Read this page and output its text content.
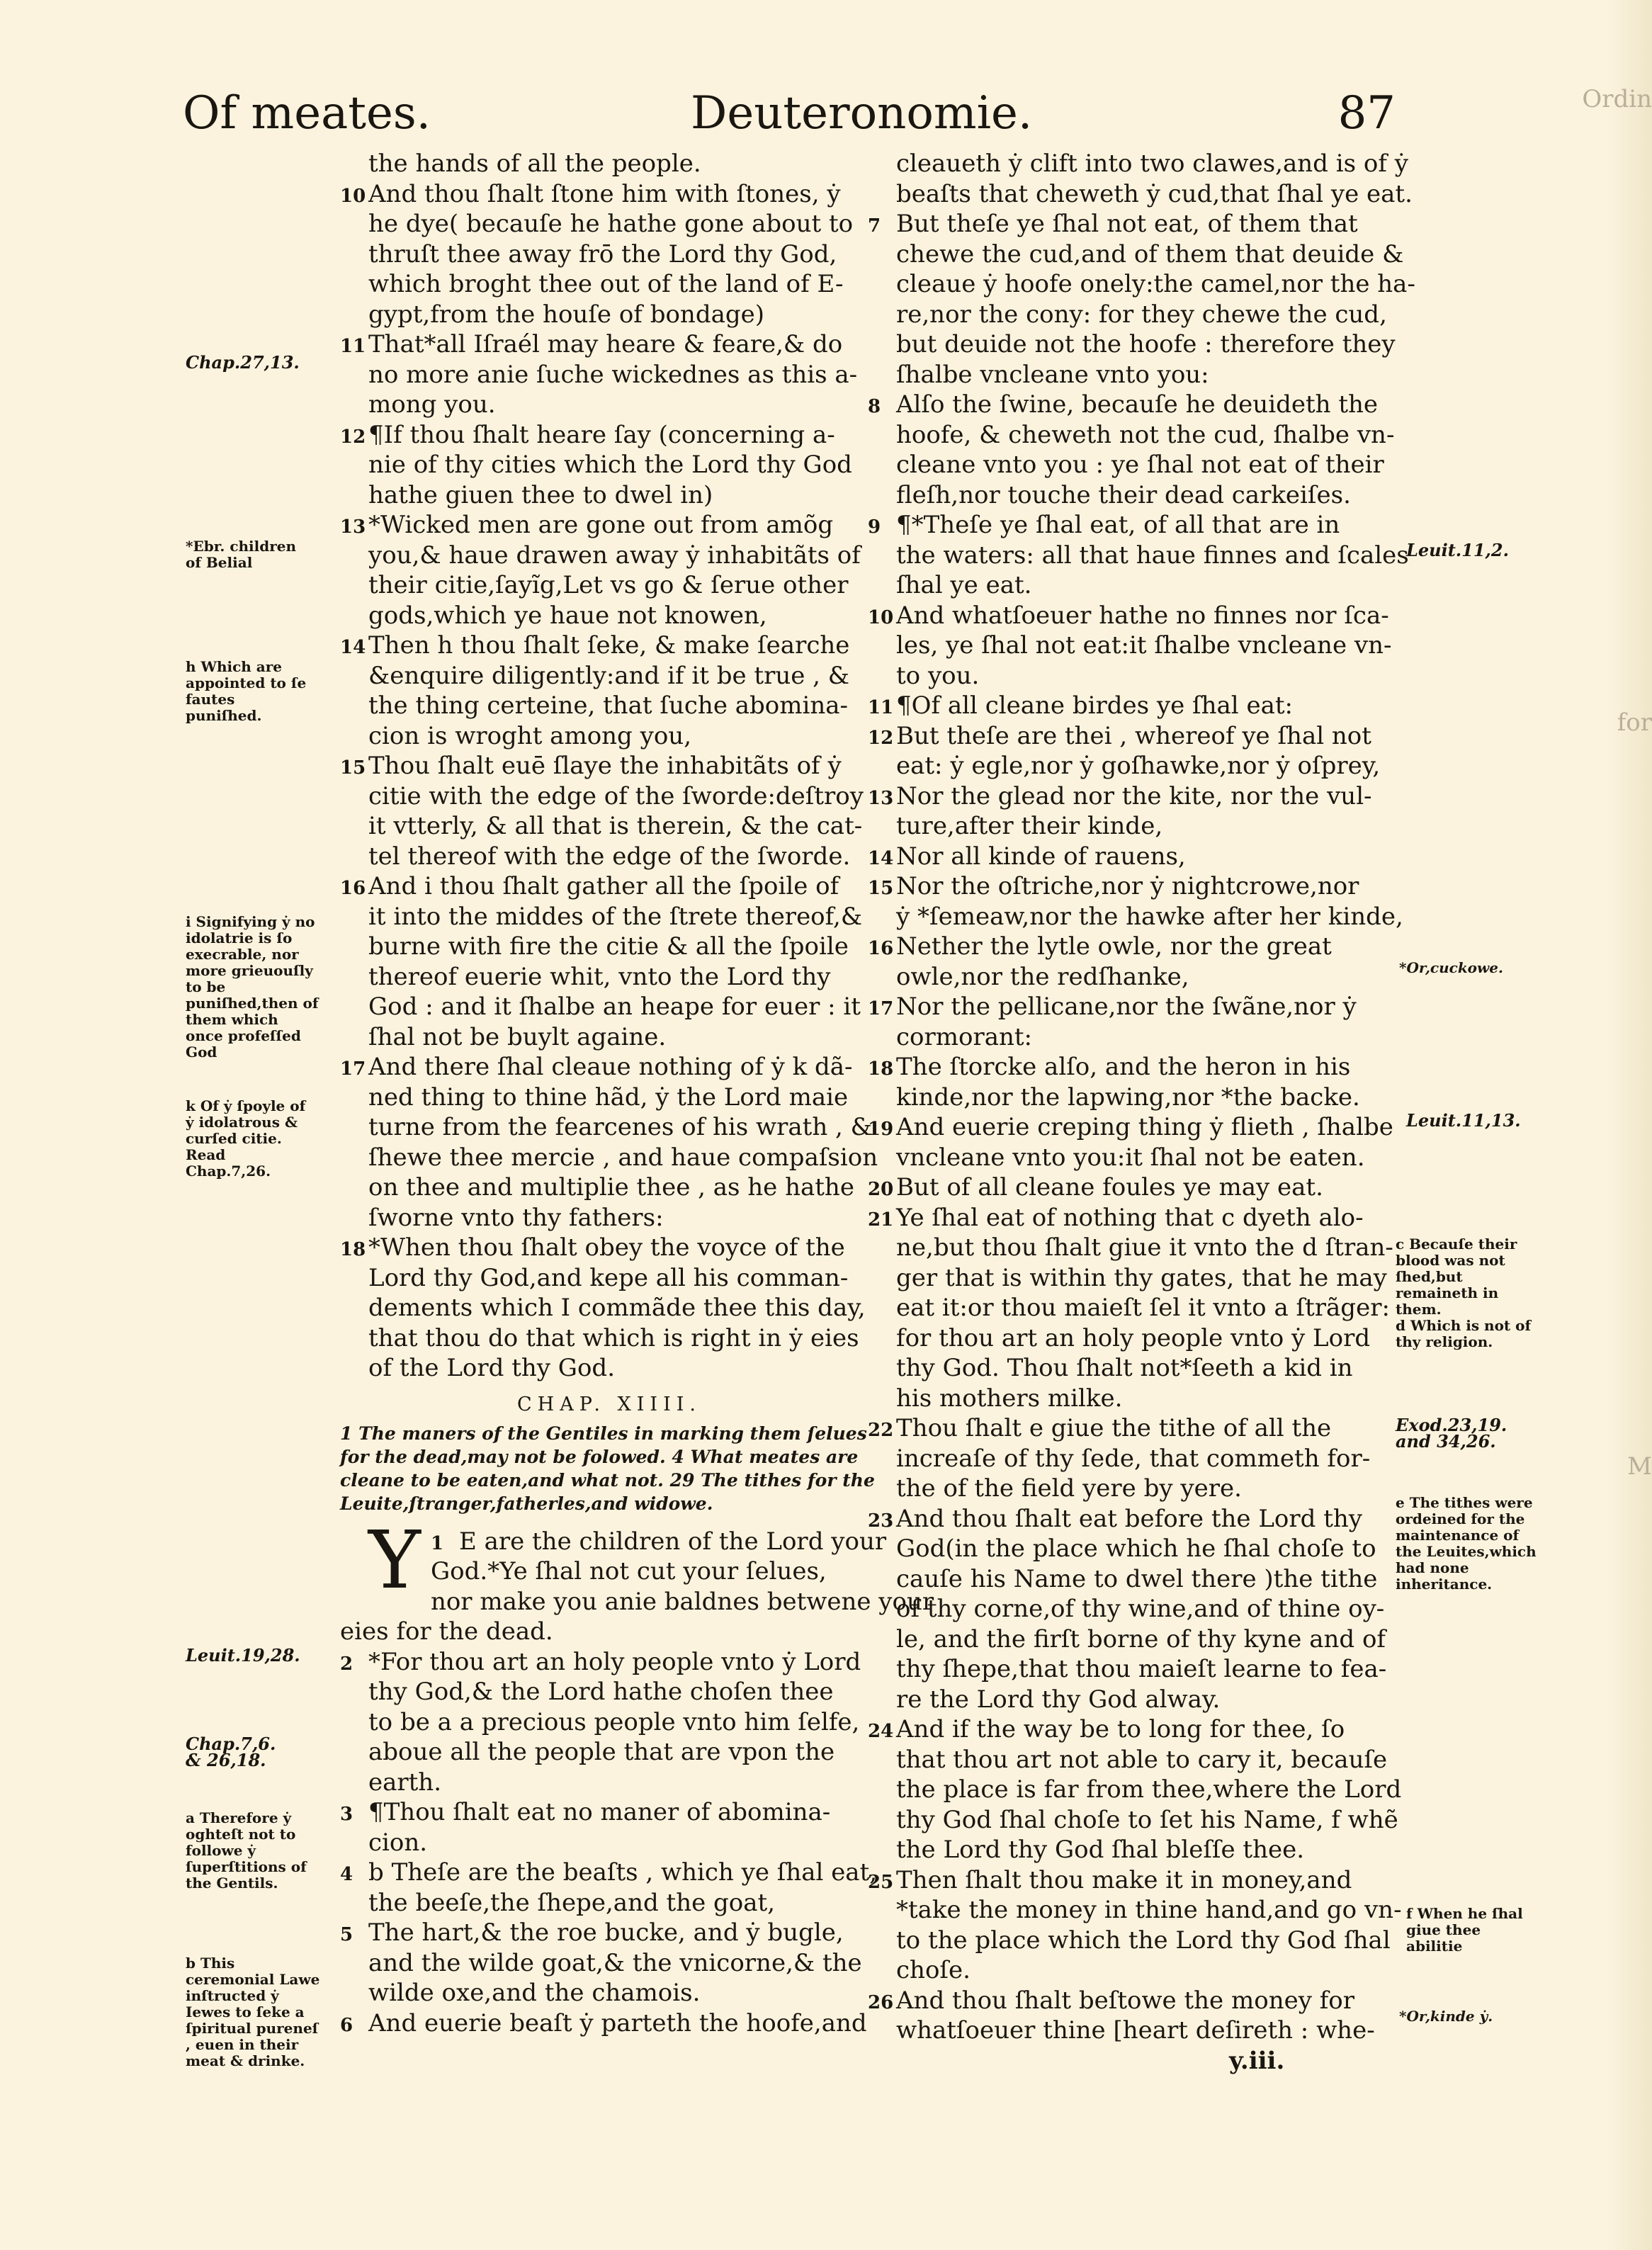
Ordin
for
M
Of meates.	Deuteronomie.	87
the hands of all the people.
10 And thou ſhalt ſtone him with ſtones, ẏ
he dye( becauſe he hathe gone about to
thruſt thee away frō the Lord thy God,
which broght thee out of the land of E-
gypt,from the houſe of bondage)
11 That*all Iſraél may heare & feare,& do
no more anie ſuche wickednes as this a-
mong you.
12 ¶If thou ſhalt heare ſay (concerning a-
nie of thy cities which the Lord thy God
hathe giuen thee to dwel in)
13 *Wicked men are gone out from amõg
you,& haue drawen away ẏ inhabitãts of
their citie,ſayĩg,Let vs go & ſerue other
gods,which ye haue not knowen,
14 Then h thou ſhalt ſeke, & make ſearche
&enquire diligently:and if it be true , &
the thing certeine, that ſuche abomina-
cion is wroght among you,
15 Thou ſhalt euē ſlaye the inhabitãts of ẏ
citie with the edge of the ſworde:deſtroy
it vtterly, & all that is therein, & the cat-
tel thereof with the edge of the ſworde.
16 And i thou ſhalt gather all the ſpoile of
it into the middes of the ſtrete thereof,&
burne with fire the citie & all the ſpoile
thereof euerie whit, vnto the Lord thy
God : and it ſhalbe an heape for euer : it
ſhal not be buylt againe.
17 And there ſhal cleaue nothing of ẏ k dã-
ned thing to thine hãd, ẏ the Lord maie
turne from the fearcenes of his wrath , &
ſhewe thee mercie , and haue compaſsion
on thee and multiplie thee , as he hathe
ſworne vnto thy fathers:
18 *When thou ſhalt obey the voyce of the
Lord thy God,and kepe all his comman-
dements which I commãde thee this day,
that thou do that which is right in ẏ eies
of the Lord thy God.
CHAP. XIIII.
1 The maners of the Gentiles in marking them ſelues for the dead,may not be folowed. 4 What meates are cleane to be eaten,and what not. 29 The tithes for the Leuite,ſtranger,fatherles,and widowe.
Y 1 E are the children of the Lord your
God.*Ye ſhal not cut your ſelues,
nor make you anie baldnes betwene your
eies for the dead.
2 *For thou art an holy people vnto ẏ Lord
thy God,& the Lord hathe choſen thee
to be a a precious people vnto him ſelfe,
aboue all the people that are vpon the
earth.
3 ¶Thou ſhalt eat no maner of abomina-
cion.
4 b Theſe are the beaſts , which ye ſhal eat,
the beeſe,the ſhepe,and the goat,
5 The hart,& the roe bucke, and ẏ bugle,
and the wilde goat,& the vnicorne,& the
wilde oxe,and the chamois.
6 And euerie beaſt ẏ parteth the hoofe,and
cleaueth ẏ clift into two clawes,and is of ẏ
beaſts that cheweth ẏ cud,that ſhal ye eat.
7 But theſe ye ſhal not eat, of them that
chewe the cud,and of them that deuide &
cleaue ẏ hoofe onely:the camel,nor the ha-
re,nor the cony: for they chewe the cud,
but deuide not the hoofe : therefore they
ſhalbe vncleane vnto you:
8 Alſo the ſwine, becauſe he deuideth the
hoofe, & cheweth not the cud, ſhalbe vn-
cleane vnto you : ye ſhal not eat of their
fleſh,nor touche their dead carkeiſes.
9 ¶*Theſe ye ſhal eat, of all that are in
the waters: all that haue finnes and ſcales
ſhal ye eat.
10 And whatſoeuer hathe no finnes nor ſca-
les, ye ſhal not eat:it ſhalbe vncleane vn-
to you.
11 ¶Of all cleane birdes ye ſhal eat:
12 But theſe are thei , whereof ye ſhal not
eat: ẏ egle,nor ẏ goſhawke,nor ẏ oſprey,
13 Nor the glead nor the kite, nor the vul-
ture,after their kinde,
14 Nor all kinde of rauens,
15 Nor the oſtriche,nor ẏ nightcrowe,nor
ẏ *ſemeaw,nor the hawke after her kinde,
16 Nether the lytle owle, nor the great
owle,nor the redſhanke,
17 Nor the pellicane,nor the ſwãne,nor ẏ
cormorant:
18 The ſtorcke alſo, and the heron in his
kinde,nor the lapwing,nor *the backe.
19 And euerie creping thing ẏ flieth , ſhalbe
vncleane vnto you:it ſhal not be eaten.
20 But of all cleane foules ye may eat.
21 Ye ſhal eat of nothing that c dyeth alo-
ne,but thou ſhalt giue it vnto the d ſtran-
ger that is within thy gates, that he may
eat it:or thou maieſt ſel it vnto a ſtrãger:
for thou art an holy people vnto ẏ Lord
thy God. Thou ſhalt not*ſeeth a kid in
his mothers milke.
22 Thou ſhalt e giue the tithe of all the
increaſe of thy ſede, that commeth for-
the of the field yere by yere.
23 And thou ſhalt eat before the Lord thy
God(in the place which he ſhal choſe to
cauſe his Name to dwel there )the tithe
of thy corne,of thy wine,and of thine oy-
le, and the firſt borne of thy kyne and of
thy ſhepe,that thou maieſt learne to fea-
re the Lord thy God alway.
24 And if the way be to long for thee, ſo
that thou art not able to cary it, becauſe
the place is far from thee,where the Lord
thy God ſhal choſe to ſet his Name, f whẽ
the Lord thy God ſhal bleſſe thee.
25 Then ſhalt thou make it in money,and
*take the money in thine hand,and go vn-
to the place which the Lord thy God ſhal
choſe.
26 And thou ſhalt beſtowe the money for
whatſoeuer thine [heart deſireth : whe-
y.iii.
Chap.27,13.
*Ebr. children of Belial
h Which are appointed to ſe fautes puniſhed.
i Signifying ẏ no idolatrie is ſo execrable, nor more grieuouſly to be puniſhed,then of them which once profeſſed God
k Of ẏ ſpoyle of ẏ idolatrous & curſed citie. Read Chap.7,26.
Leuit.19,28.
Chap.7,6. & 26,18.
a Therefore ẏ oghteſt not to followe ẏ ſuperſtitions of the Gentils.
b This ceremonial Lawe inſtructed ẏ Iewes to ſeke a ſpiritual pureneſ , euen in their meat & drinke.
Leuit.11,2.
*Or,cuckowe.
Leuit.11,13.
c Becauſe their blood was not ſhed,but remaineth in them.
d Which is not of thy religion.
Exod.23,19. and 34,26.
e The tithes were ordeined for the maintenance of the Leuites,which had none inheritance.
f When he ſhal giue thee abilitie
*Or,kinde ẏ.
